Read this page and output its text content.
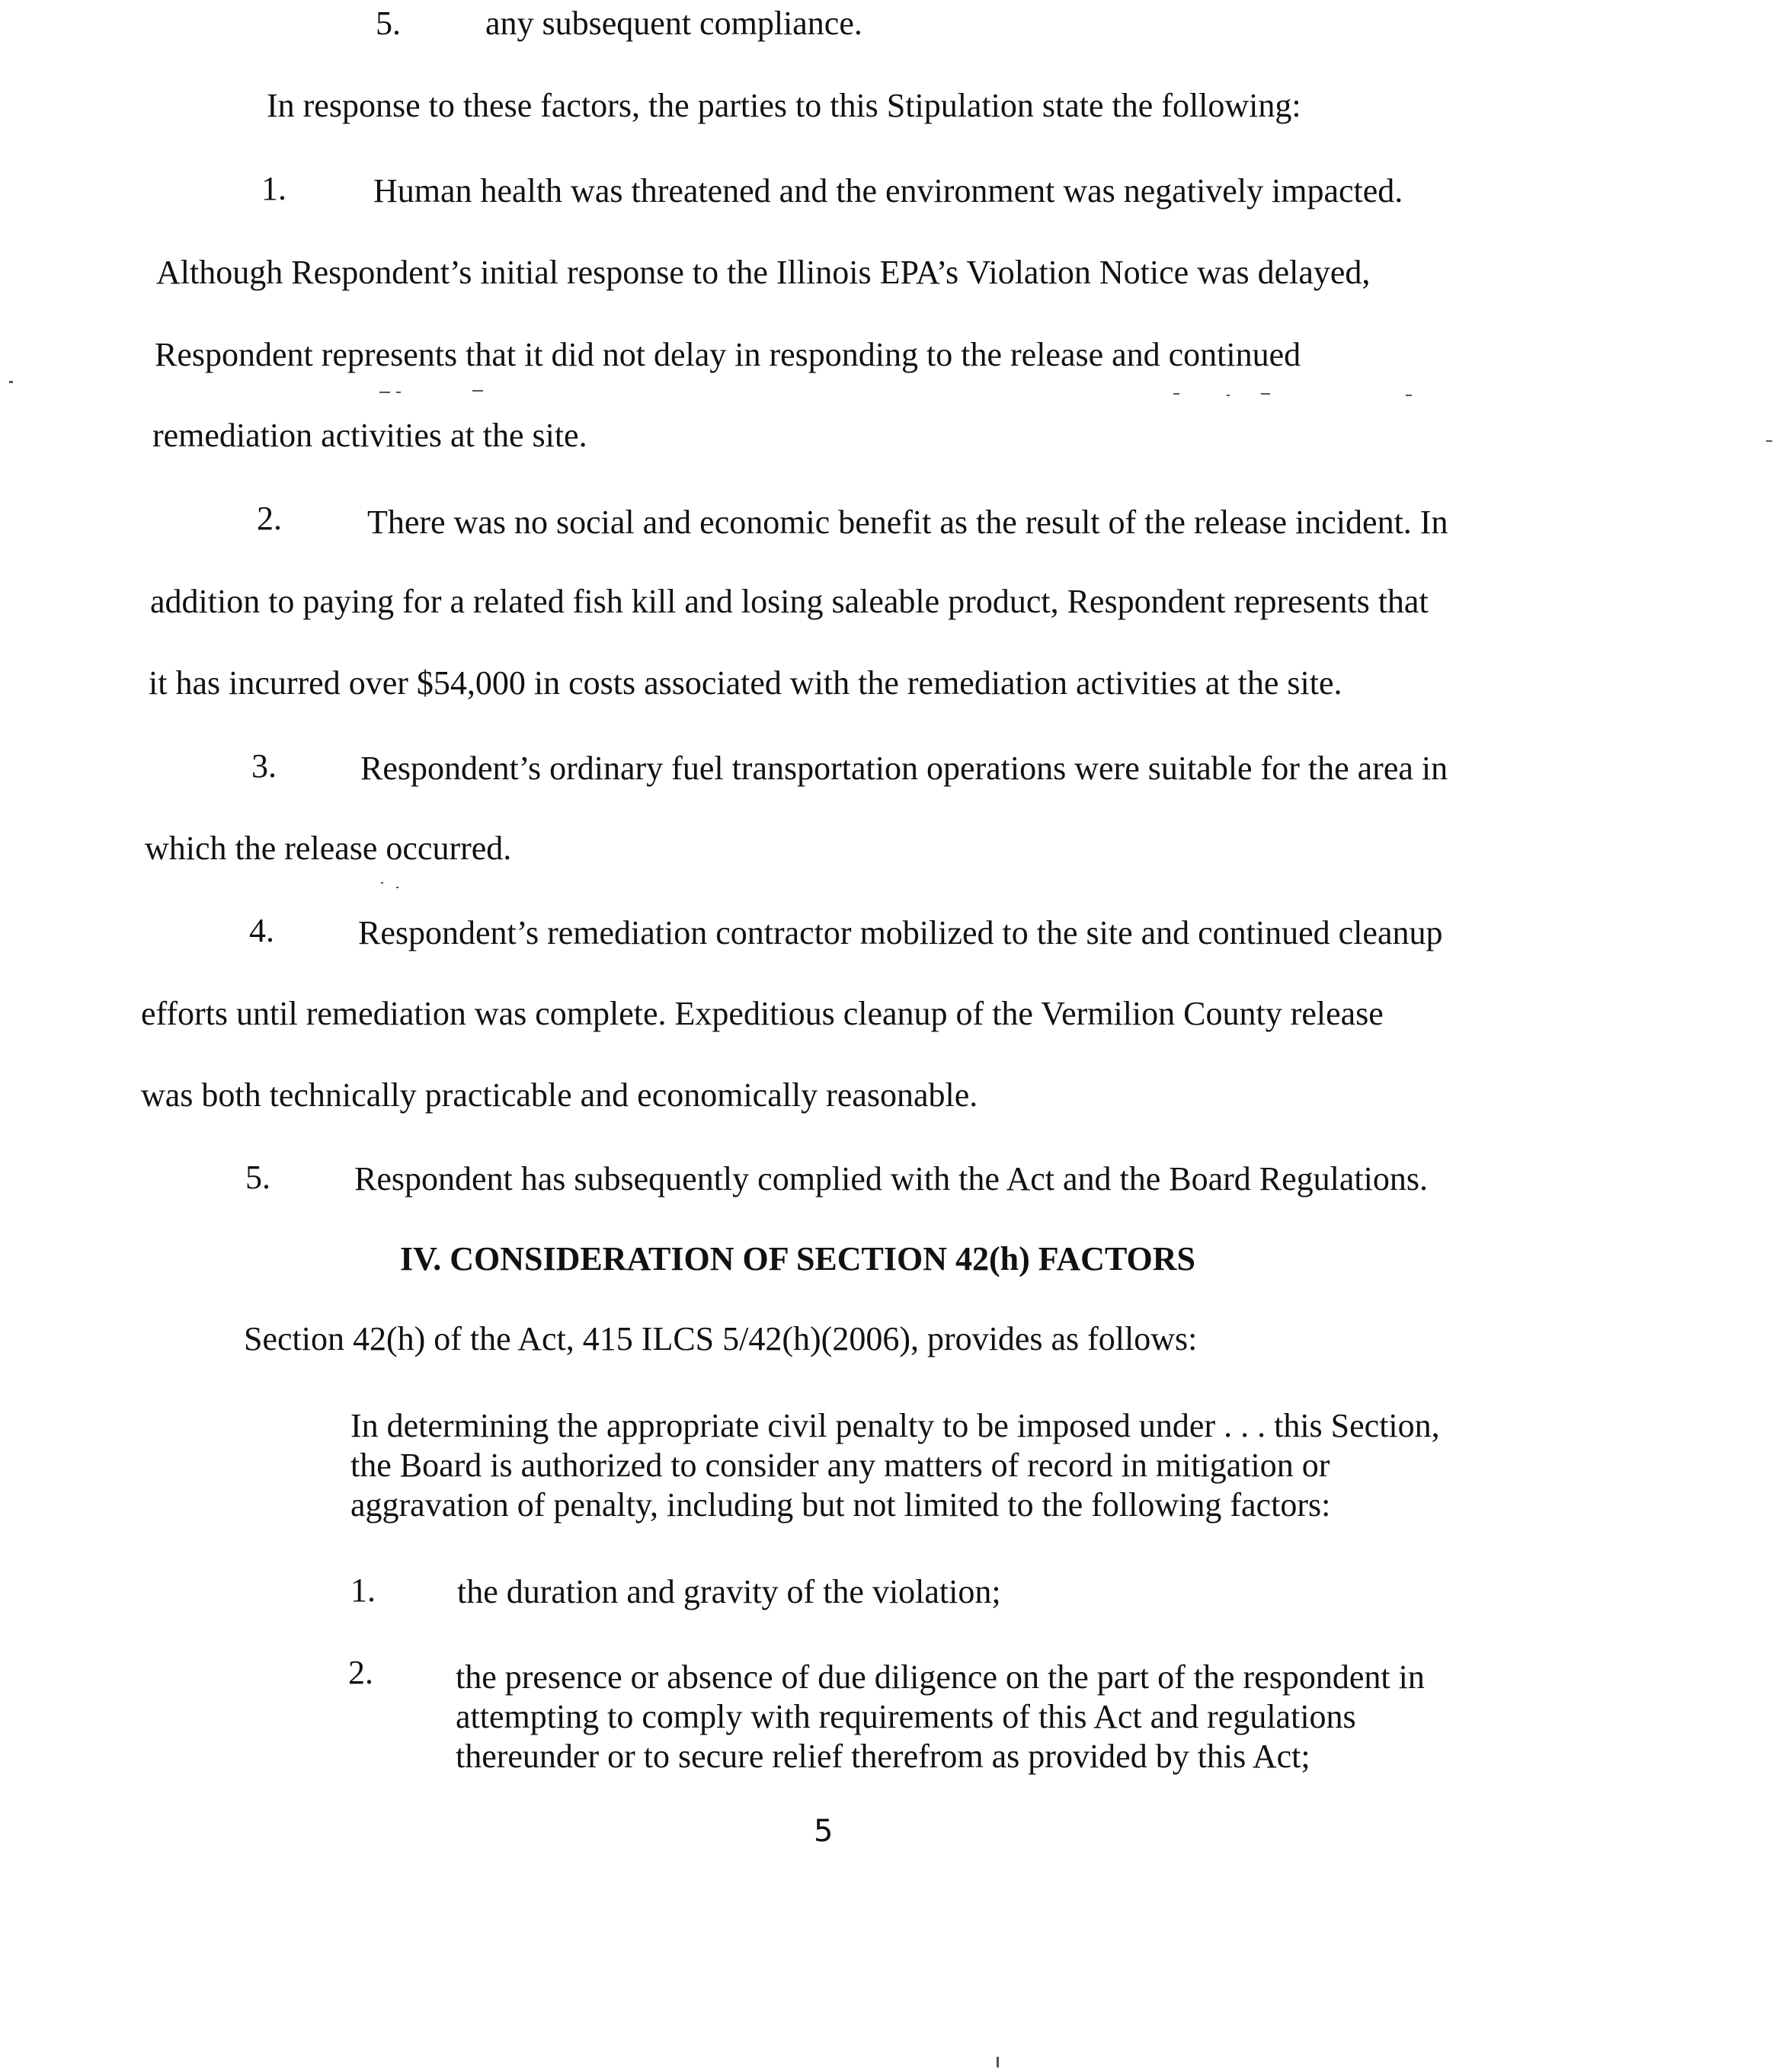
5.	any subsequent compliance.
In response to these factors, the parties to this Stipulation state the following:
1.	Human health was threatened and the environment was negatively impacted.
Although Respondent’s initial response to the Illinois EPA’s Violation Notice was delayed,
Respondent represents that it did not delay in responding to the release and continued
remediation activities at the site.
2.	There was no social and economic benefit as the result of the release incident. In
addition to paying for a related fish kill and losing saleable product, Respondent represents that
it has incurred over $54,000 in costs associated with the remediation activities at the site.
3.	Respondent’s ordinary fuel transportation operations were suitable for the area in
which the release occurred.
4.	Respondent’s remediation contractor mobilized to the site and continued cleanup
efforts until remediation was complete. Expeditious cleanup of the Vermilion County release
was both technically practicable and economically reasonable.
5.	Respondent has subsequently complied with the Act and the Board Regulations.
IV. CONSIDERATION OF SECTION 42(h) FACTORS
Section 42(h) of the Act, 415 ILCS 5/42(h)(2006), provides as follows:
In determining the appropriate civil penalty to be imposed under . . . this Section,
the Board is authorized to consider any matters of record in mitigation or
aggravation of penalty, including but not limited to the following factors:
1. the duration and gravity of the violation;
2. the presence or absence of due diligence on the part of the respondent in
attempting to comply with requirements of this Act and regulations
thereunder or to secure relief therefrom as provided by this Act;
5
